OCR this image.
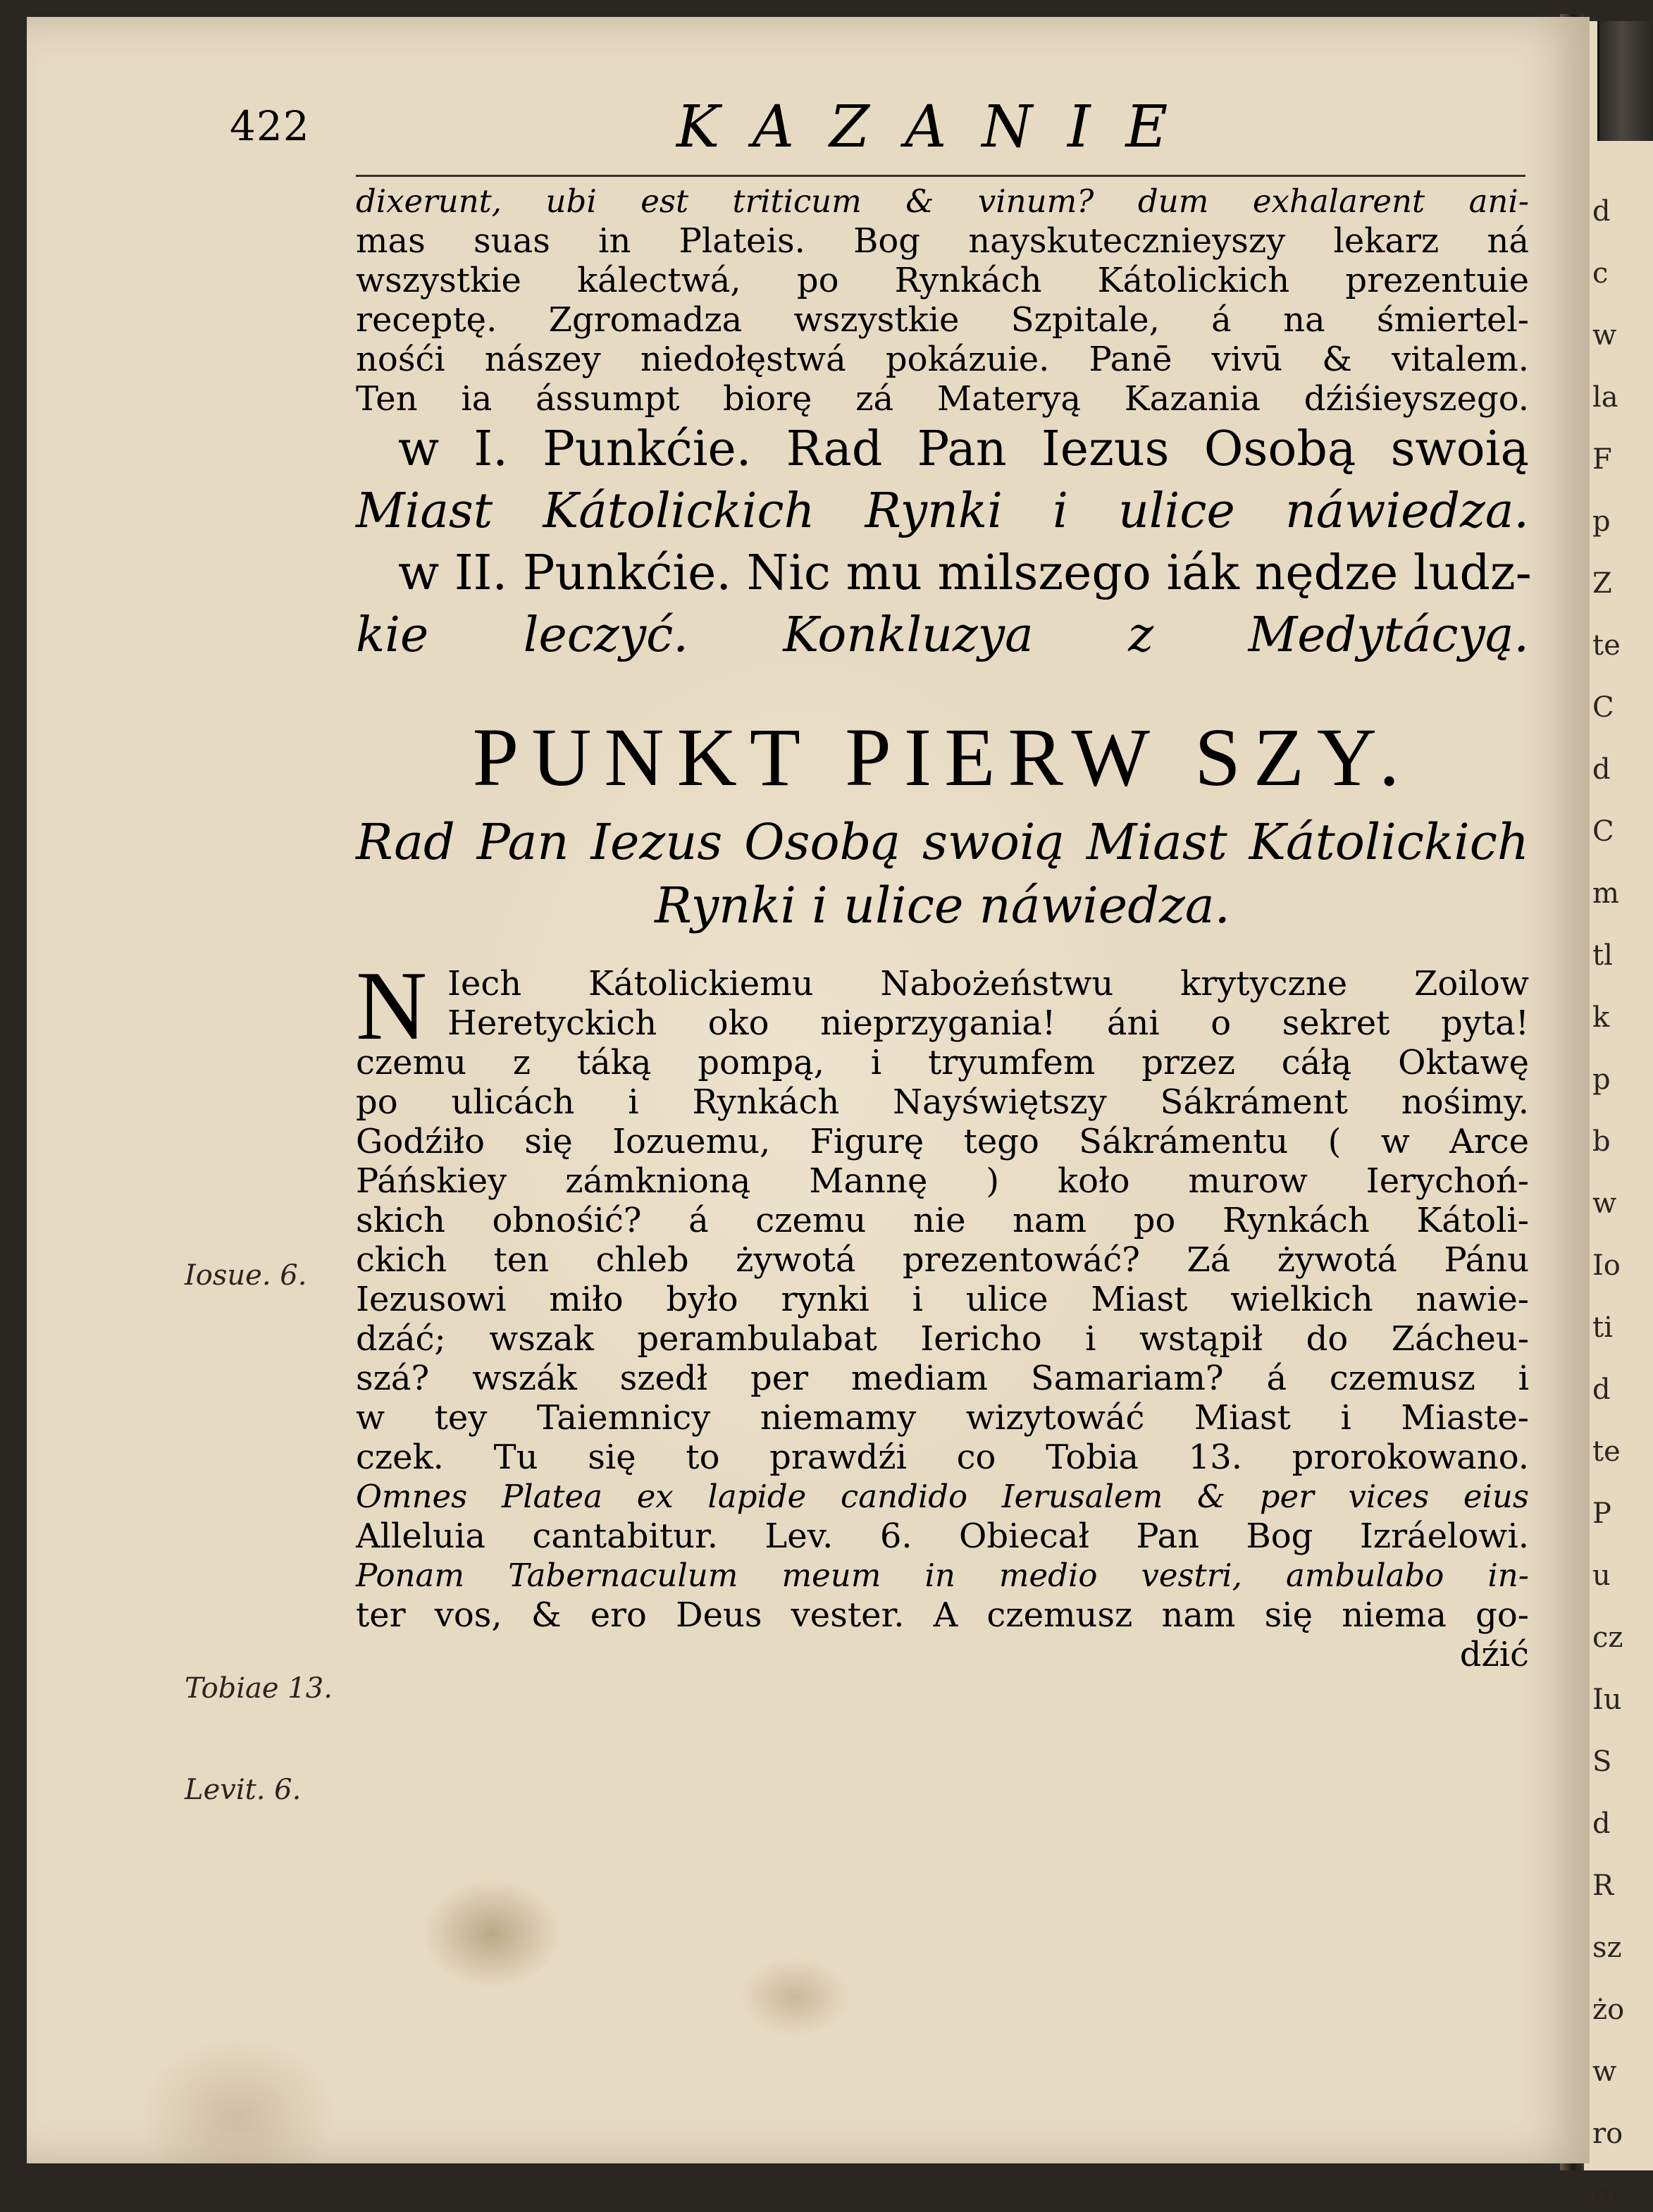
d
c
w
la
F
p
Z
te
C
d
C
m
tl
k
p
b
w
Io
ti
d
te
P
u
cz
Iu
S
d
R
sz
żo
w
ro
ni
422	KAZANIE
Iosue. 6.
Tobiae 13.
Levit. 6.
dixerunt, ubi est triticum & vinum? dum exhalarent ani-
mas suas in Plateis. Bog nayskutecznieyszy lekarz ná
wszystkie kálectwá, po Rynkách Kátolickich prezentuie
receptę. Zgromadza wszystkie Szpitale, á na śmiertel-
nośći nászey niedołęstwá pokázuie. Panē vivū & vitalem.
Ten ia ássumpt biorę zá Materyą Kazania dźiśieyszego.
w I. Punkćie. Rad Pan Iezus Osobą swoią
Miast Kátolickich Rynki i ulice náwiedza.
w II. Punkćie. Nic mu milszego iák nędze ludz-
kie leczyć. Konkluzya z Medytácyą.
PUNKT PIERW SZY.
Rad Pan Iezus Osobą swoią Miast Kátolickich
Rynki i ulice náwiedza.
N Iech Kátolickiemu Nabożeństwu krytyczne Zoilow
Heretyckich oko nieprzygania! áni o sekret pyta!
czemu z táką pompą, i tryumfem przez cáłą Oktawę
po ulicách i Rynkách Nayświętszy Sákráment nośimy.
Godźiło się Iozuemu, Figurę tego Sákrámentu ( w Arce
Páńskiey zámknioną Mannę ) koło murow Ierychoń-
skich obnośić? á czemu nie nam po Rynkách Kátoli-
ckich ten chleb żywotá prezentowáć? Zá żywotá Pánu
Iezusowi miło było rynki i ulice Miast wielkich nawie-
dzáć; wszak perambulabat Iericho i wstąpił do Zácheu-
szá? wszák szedł per mediam Samariam? á czemusz i
w tey Taiemnicy niemamy wizytowáć Miast i Miaste-
czek. Tu się to prawdźi co Tobia 13. prorokowano.
Omnes Platea ex lapide candido Ierusalem & per vices eius
Alleluia cantabitur. Lev. 6. Obiecał Pan Bog Izráelowi.
Ponam Tabernaculum meum in medio vestri, ambulabo in-
ter vos, & ero Deus vester. A czemusz nam się niema go-
dźić
